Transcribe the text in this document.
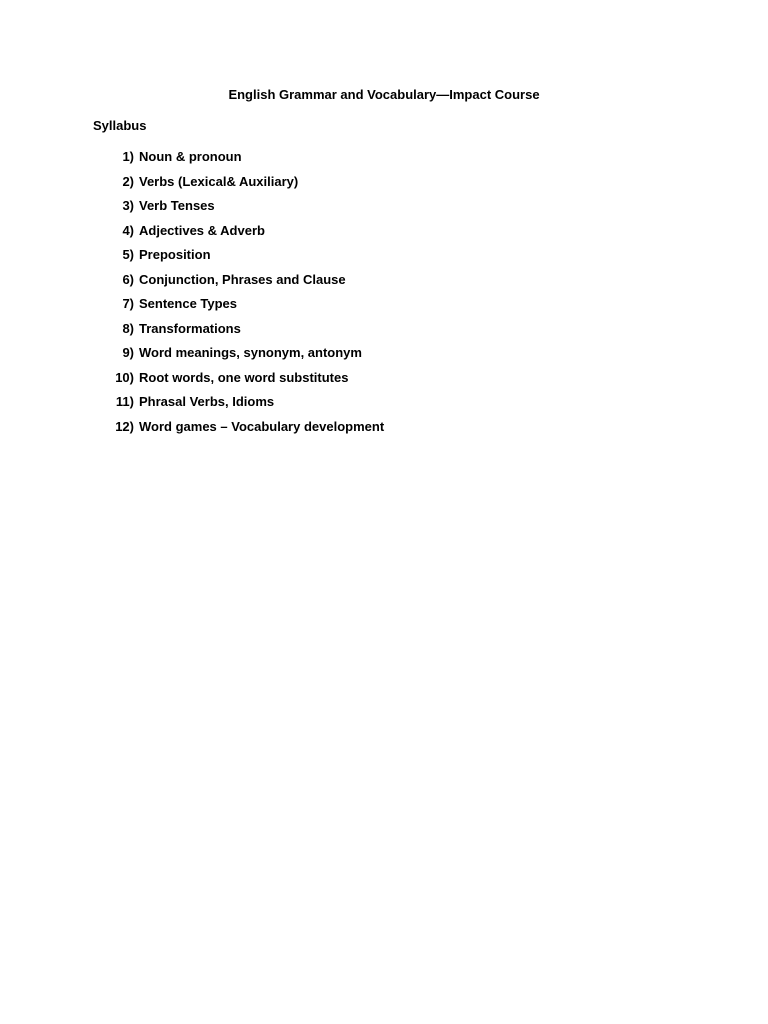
English Grammar and Vocabulary—Impact Course
Syllabus
1) Noun & pronoun
2) Verbs (Lexical& Auxiliary)
3) Verb Tenses
4) Adjectives & Adverb
5) Preposition
6) Conjunction, Phrases and Clause
7) Sentence Types
8) Transformations
9) Word meanings, synonym, antonym
10) Root words, one word substitutes
11) Phrasal Verbs, Idioms
12) Word games – Vocabulary development
